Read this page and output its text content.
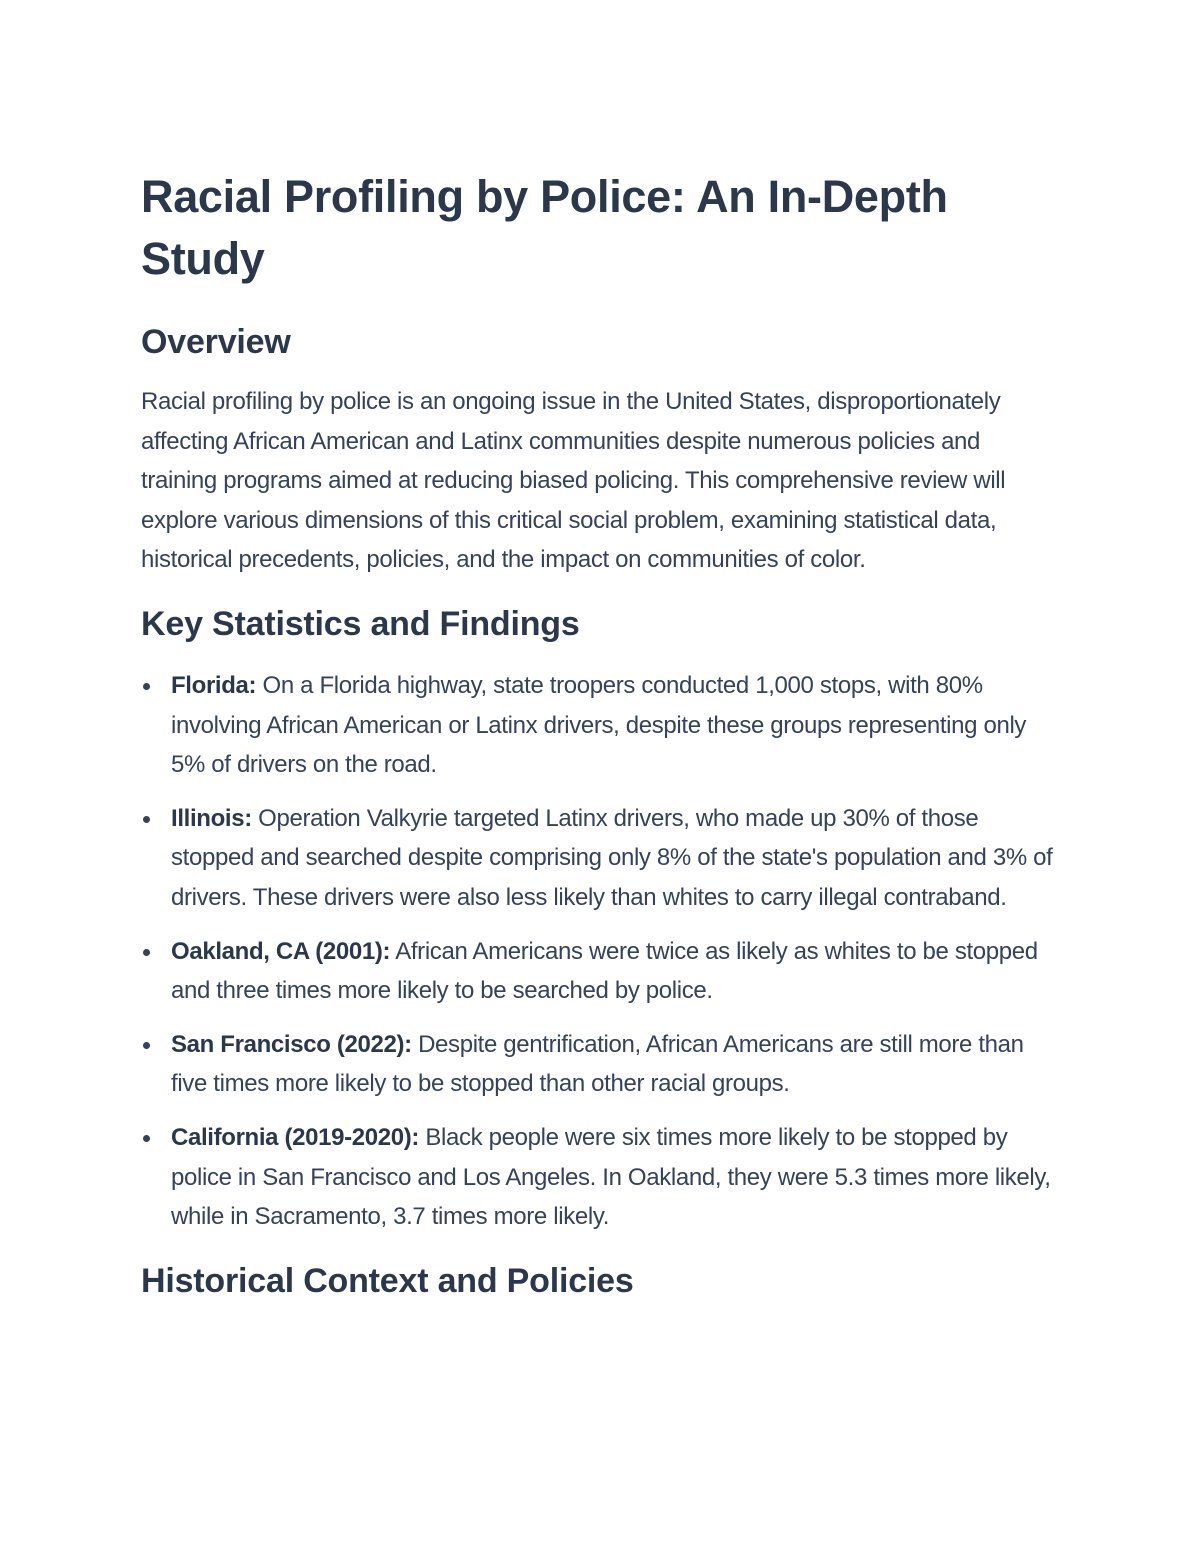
Racial Profiling by Police: An In-Depth Study
Overview

Racial profiling by police is an ongoing issue in the United States, disproportionately affecting African American and Latinx communities despite numerous policies and training programs aimed at reducing biased policing. This comprehensive review will explore various dimensions of this critical social problem, examining statistical data, historical precedents, policies, and the impact on communities of color.

Key Statistics and Findings
Florida: On a Florida highway, state troopers conducted 1,000 stops, with 80% involving African American or Latinx drivers, despite these groups representing only 5% of drivers on the road.
Illinois: Operation Valkyrie targeted Latinx drivers, who made up 30% of those stopped and searched despite comprising only 8% of the state's population and 3% of drivers. These drivers were also less likely than whites to carry illegal contraband.
Oakland, CA (2001): African Americans were twice as likely as whites to be stopped and three times more likely to be searched by police.
San Francisco (2022): Despite gentrification, African Americans are still more than five times more likely to be stopped than other racial groups.
California (2019-2020): Black people were six times more likely to be stopped by police in San Francisco and Los Angeles. In Oakland, they were 5.3 times more likely, while in Sacramento, 3.7 times more likely.
Historical Context and Policies
